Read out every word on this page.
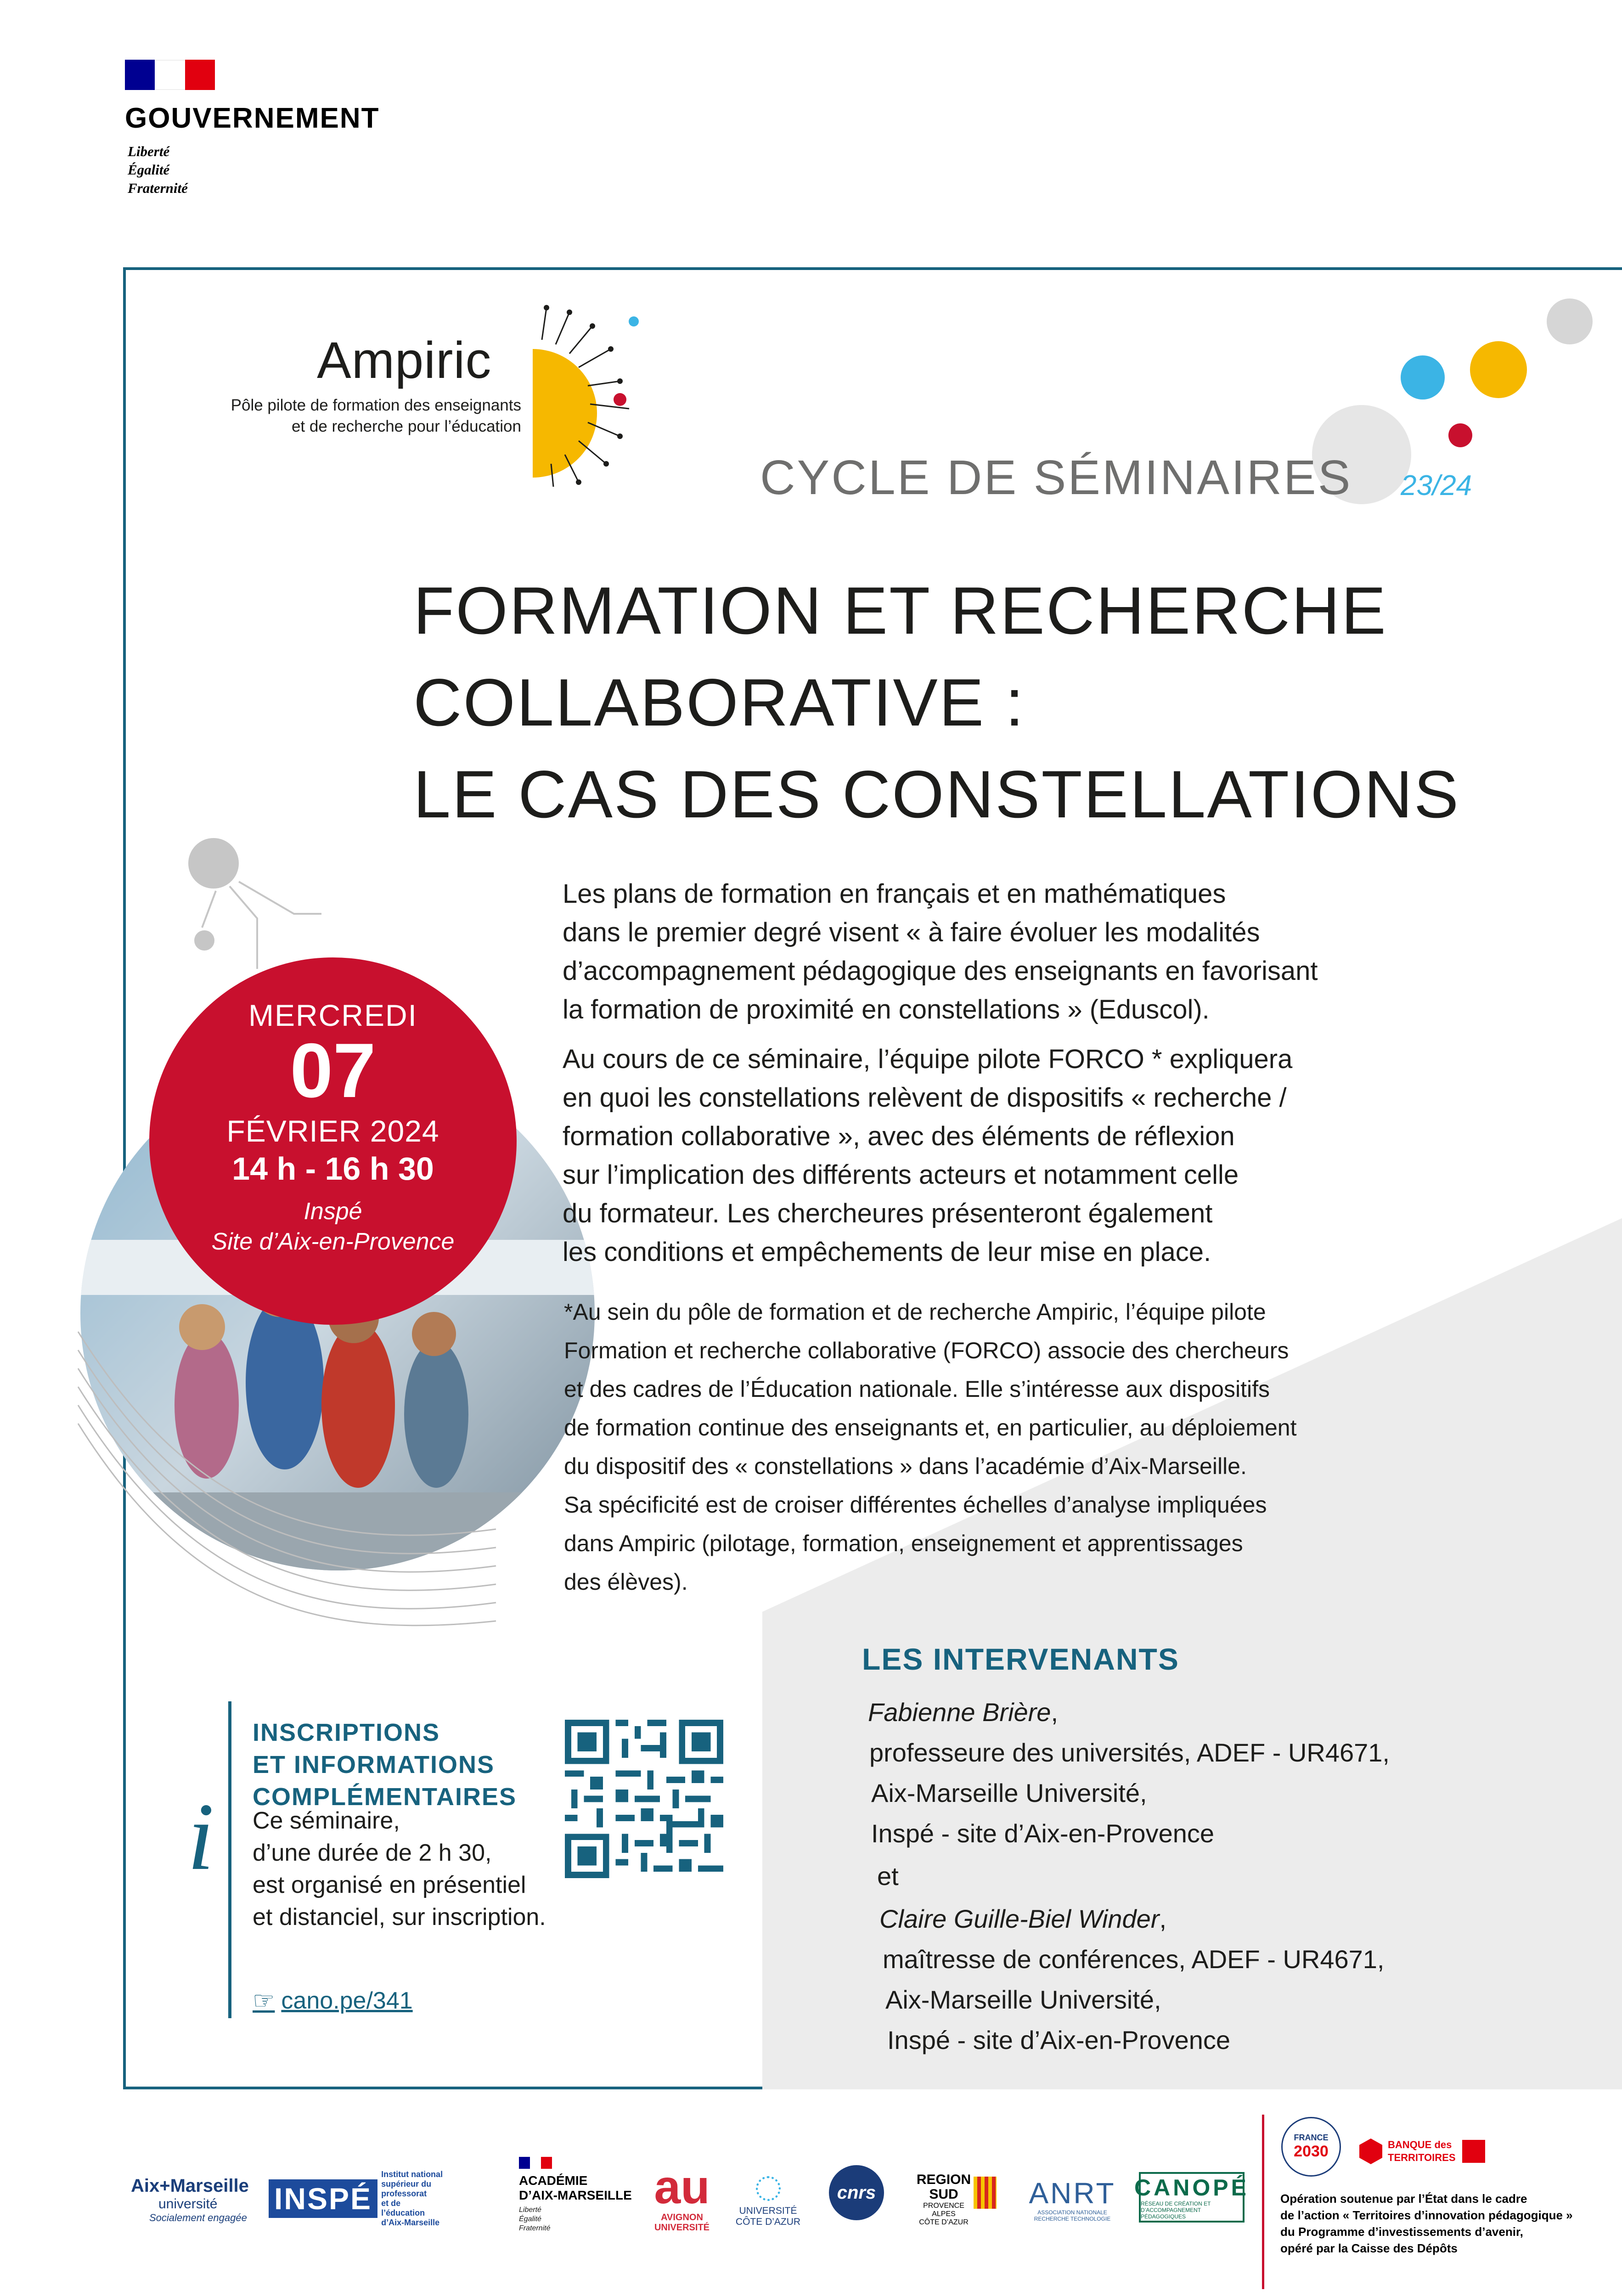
GOUVERNEMENT
Liberté
Égalité
Fraternité
Ampiric
Pôle pilote de formation des enseignants
et de recherche pour l’éducation
CYCLE DE SÉMINAIRES 23/24
FORMATION ET RECHERCHE
COLLABORATIVE :
LE CAS DES CONSTELLATIONS
MERCREDI
07
FÉVRIER 2024
14 h - 16 h 30
Inspé
Site d’Aix-en-Provence
Les plans de formation en français et en mathématiques
dans le premier degré visent « à faire évoluer les modalités
d’accompagnement pédagogique des enseignants en favorisant
la formation de proximité en constellations » (Eduscol).
Au cours de ce séminaire, l’équipe pilote FORCO * expliquera
en quoi les constellations relèvent de dispositifs « recherche /
formation collaborative », avec des éléments de réflexion
sur l’implication des différents acteurs et notamment celle
du formateur. Les chercheures présenteront également
les conditions et empêchements de leur mise en place.
*Au sein du pôle de formation et de recherche Ampiric, l’équipe pilote
Formation et recherche collaborative (FORCO) associe des chercheurs
et des cadres de l’Éducation nationale. Elle s’intéresse aux dispositifs
de formation continue des enseignants et, en particulier, au déploiement
du dispositif des « constellations » dans l’académie d’Aix-Marseille.
Sa spécificité est de croiser différentes échelles d’analyse impliquées
dans Ampiric (pilotage, formation, enseignement et apprentissages
des élèves).
LES INTERVENANTS
Fabienne Brière,
professeure des universités, ADEF - UR4671,
Aix-Marseille Université,
Inspé - site d’Aix-en-Provence
et
Claire Guille-Biel Winder,
maîtresse de conférences, ADEF - UR4671,
Aix-Marseille Université,
Inspé - site d’Aix-en-Provence
i
INSCRIPTIONS
ET INFORMATIONS
COMPLÉMENTAIRES
Ce séminaire,
d’une durée de 2 h 30,
est organisé en présentiel
et distanciel, sur inscription.
☞ cano.pe/341
Aix+Marseille
université
Socialement engagée
INSPÉ
Institut national
supérieur du professorat
et de l’éducation
d’Aix-Marseille
ACADÉMIE
D’AIX-MARSEILLE
Liberté
Égalité
Fraternité
au
AVIGNON
UNIVERSITÉ
UNIVERSITÉ
CÔTE D’AZUR
cnrs
REGION
SUD
PROVENCE
ALPES
CÔTE D’AZUR
ANRT
ASSOCIATION NATIONALE
RECHERCHE TECHNOLOGIE
CANOPÉ
RÉSEAU DE CRÉATION ET D’ACCOMPAGNEMENT PÉDAGOGIQUES
FRANCE
2030	BANQUE des
TERRITOIRES
Opération soutenue par l’État dans le cadre
de l’action « Territoires d’innovation pédagogique »
du Programme d’investissements d’avenir,
opéré par la Caisse des Dépôts
